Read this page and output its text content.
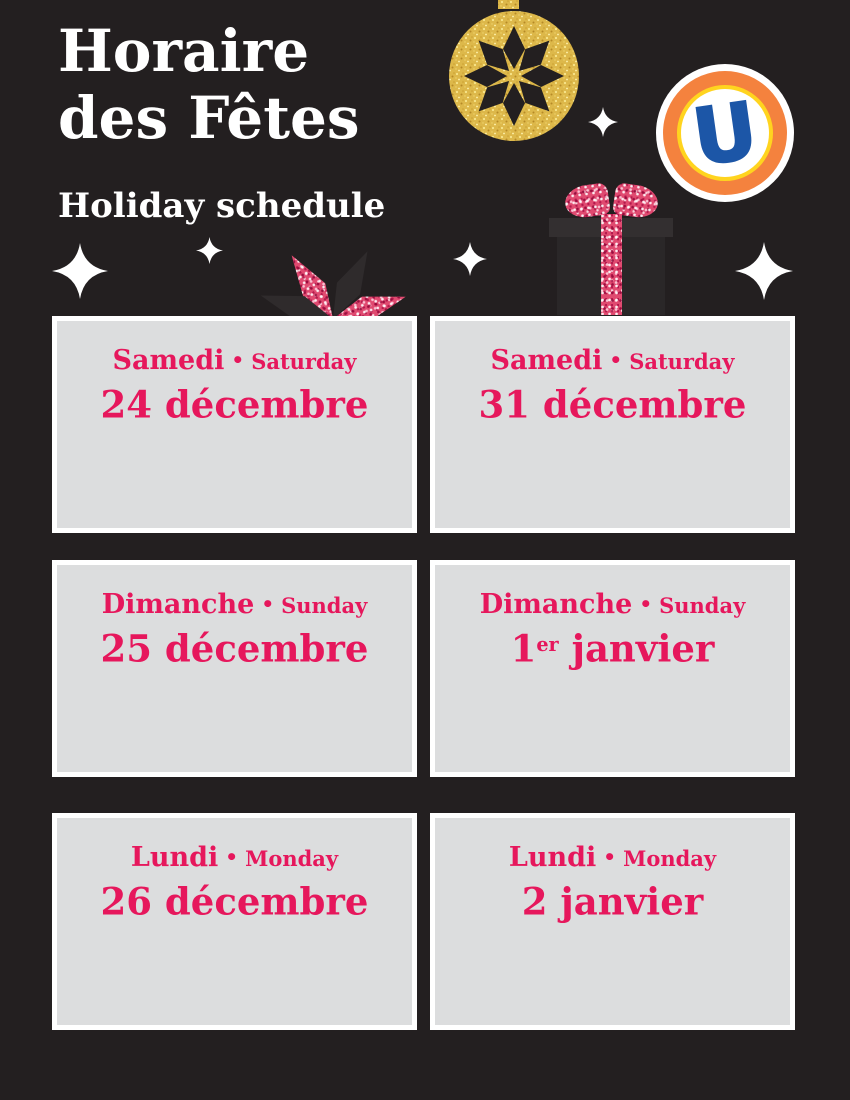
U
Horaire
des Fêtes
Holiday schedule
Samedi • Saturday
24 décembre
Samedi • Saturday
31 décembre
Dimanche • Sunday
25 décembre
Dimanche • Sunday
1er janvier
Lundi • Monday
26 décembre
Lundi • Monday
2 janvier
